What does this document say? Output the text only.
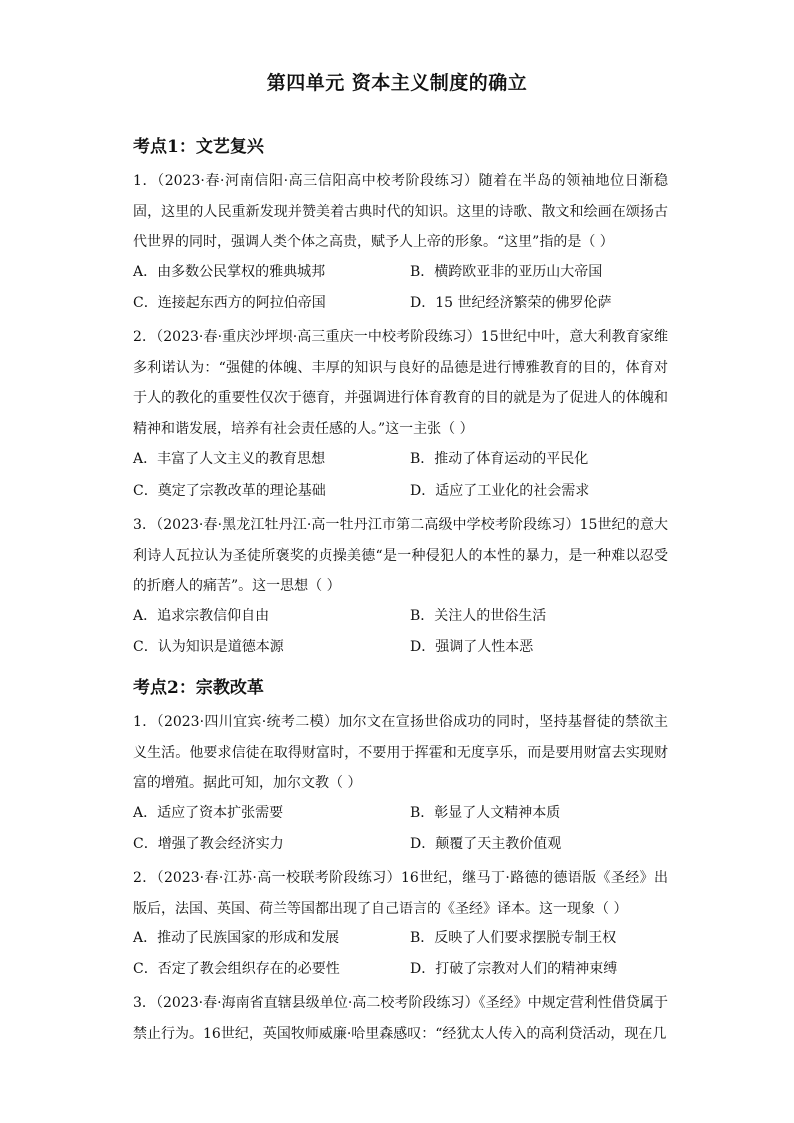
第四单元 资本主义制度的确立
考点1：文艺复兴
1．（2023·春·河南信阳·高三信阳高中校考阶段练习）随着在半岛的领袖地位日渐稳固，这里的人民重新发现并赞美着古典时代的知识。这里的诗歌、散文和绘画在颂扬古代世界的同时，强调人类个体之高贵，赋予人上帝的形象。“这里”指的是（ ）
A．由多数公民掌权的雅典城邦	B．横跨欧亚非的亚历山大帝国
C．连接起东西方的阿拉伯帝国	D．15 世纪经济繁荣的佛罗伦萨
2．（2023·春·重庆沙坪坝·高三重庆一中校考阶段练习）15世纪中叶，意大利教育家维多利诺认为：“强健的体魄、丰厚的知识与良好的品德是进行博雅教育的目的，体育对于人的教化的重要性仅次于德育，并强调进行体育教育的目的就是为了促进人的体魄和精神和谐发展，培养有社会责任感的人。”这一主张（ ）
A．丰富了人文主义的教育思想	B．推动了体育运动的平民化
C．奠定了宗教改革的理论基础	D．适应了工业化的社会需求
3．（2023·春·黑龙江牡丹江·高一牡丹江市第二高级中学校考阶段练习）15世纪的意大利诗人瓦拉认为圣徒所褒奖的贞操美德“是一种侵犯人的本性的暴力，是一种难以忍受的折磨人的痛苦”。这一思想（ ）
A．追求宗教信仰自由	B．关注人的世俗生活
C．认为知识是道德本源	D．强调了人性本恶
考点2：宗教改革
1．（2023·四川宜宾·统考二模）加尔文在宣扬世俗成功的同时，坚持基督徒的禁欲主义生活。他要求信徒在取得财富时，不要用于挥霍和无度享乐，而是要用财富去实现财富的增殖。据此可知，加尔文教（ ）
A．适应了资本扩张需要	B．彰显了人文精神本质
C．增强了教会经济实力	D．颠覆了天主教价值观
2．（2023·春·江苏·高一校联考阶段练习）16世纪，继马丁·路德的德语版《圣经》出版后，法国、英国、荷兰等国都出现了自己语言的《圣经》译本。这一现象（ ）
A．推动了民族国家的形成和发展	B．反映了人们要求摆脱专制王权
C．否定了教会组织存在的必要性	D．打破了宗教对人们的精神束缚
3．（2023·春·海南省直辖县级单位·高二校考阶段练习）《圣经》中规定营利性借贷属于禁止行为。16世纪，英国牧师威廉·哈里森感叹：“经犹太人传入的高利贷活动，现在几
